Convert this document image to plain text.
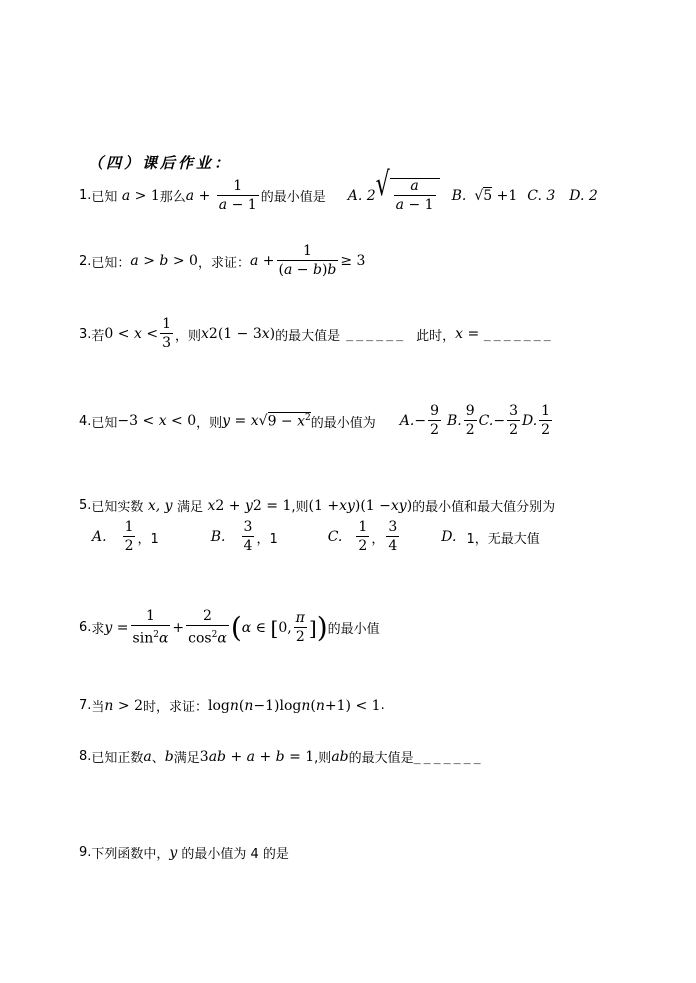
（四）课后作业：
1. 已知 a > 1 那么 $a + \frac{1}{a - 1}$ 的最小值是 A. 2 √ $\frac{a}{a - 1} B$. √5 +1 C. 3 D. 2
2. 已知： a > b > 0 ，求证： $a + \frac{1}{(a - b)b} \ge 3$
3. 若 $0 < x < \frac{1}{3}$ ，则 x 2 (1 − 3 x ) 的最大值是 ______ 此时， x = _______
4. 已知 −3 < x < 0 ，则 y = x √ $9 - x^2$ 的最小值为 A. − $\frac{9}{2} B$. $\frac{9}{2} C$. − $\frac{3}{2} D$. $\frac{1}{2}$
5. 已知实数 x, y 满足 x 2 + y 2 = 1 ,则 (1 + xy )(1 − xy ) 的最小值和最大值分别为
A. $\frac{1}{2}$ ，1	B. $\frac{3}{4}$ ，1	C. $\frac{1}{2}$ ， $\frac{3}{4}$	D. 1，无最大值
6. 求 $y = \frac{1}{\sin^2\alpha} + \frac{2}{\cos^2\alpha}$ ( α ∈ [ 0, $\frac{\pi}{2}$ ] ) 的最小值
7. 当 n > 2 时，求证： log n ( n −1)log n ( n +1) < 1 .
8. 已知正数 a 、 b 满足 3 ab + a + b = 1 ,则 ab 的最大值是 _______
9. 下列函数中， y 的最小值为 4 的是
